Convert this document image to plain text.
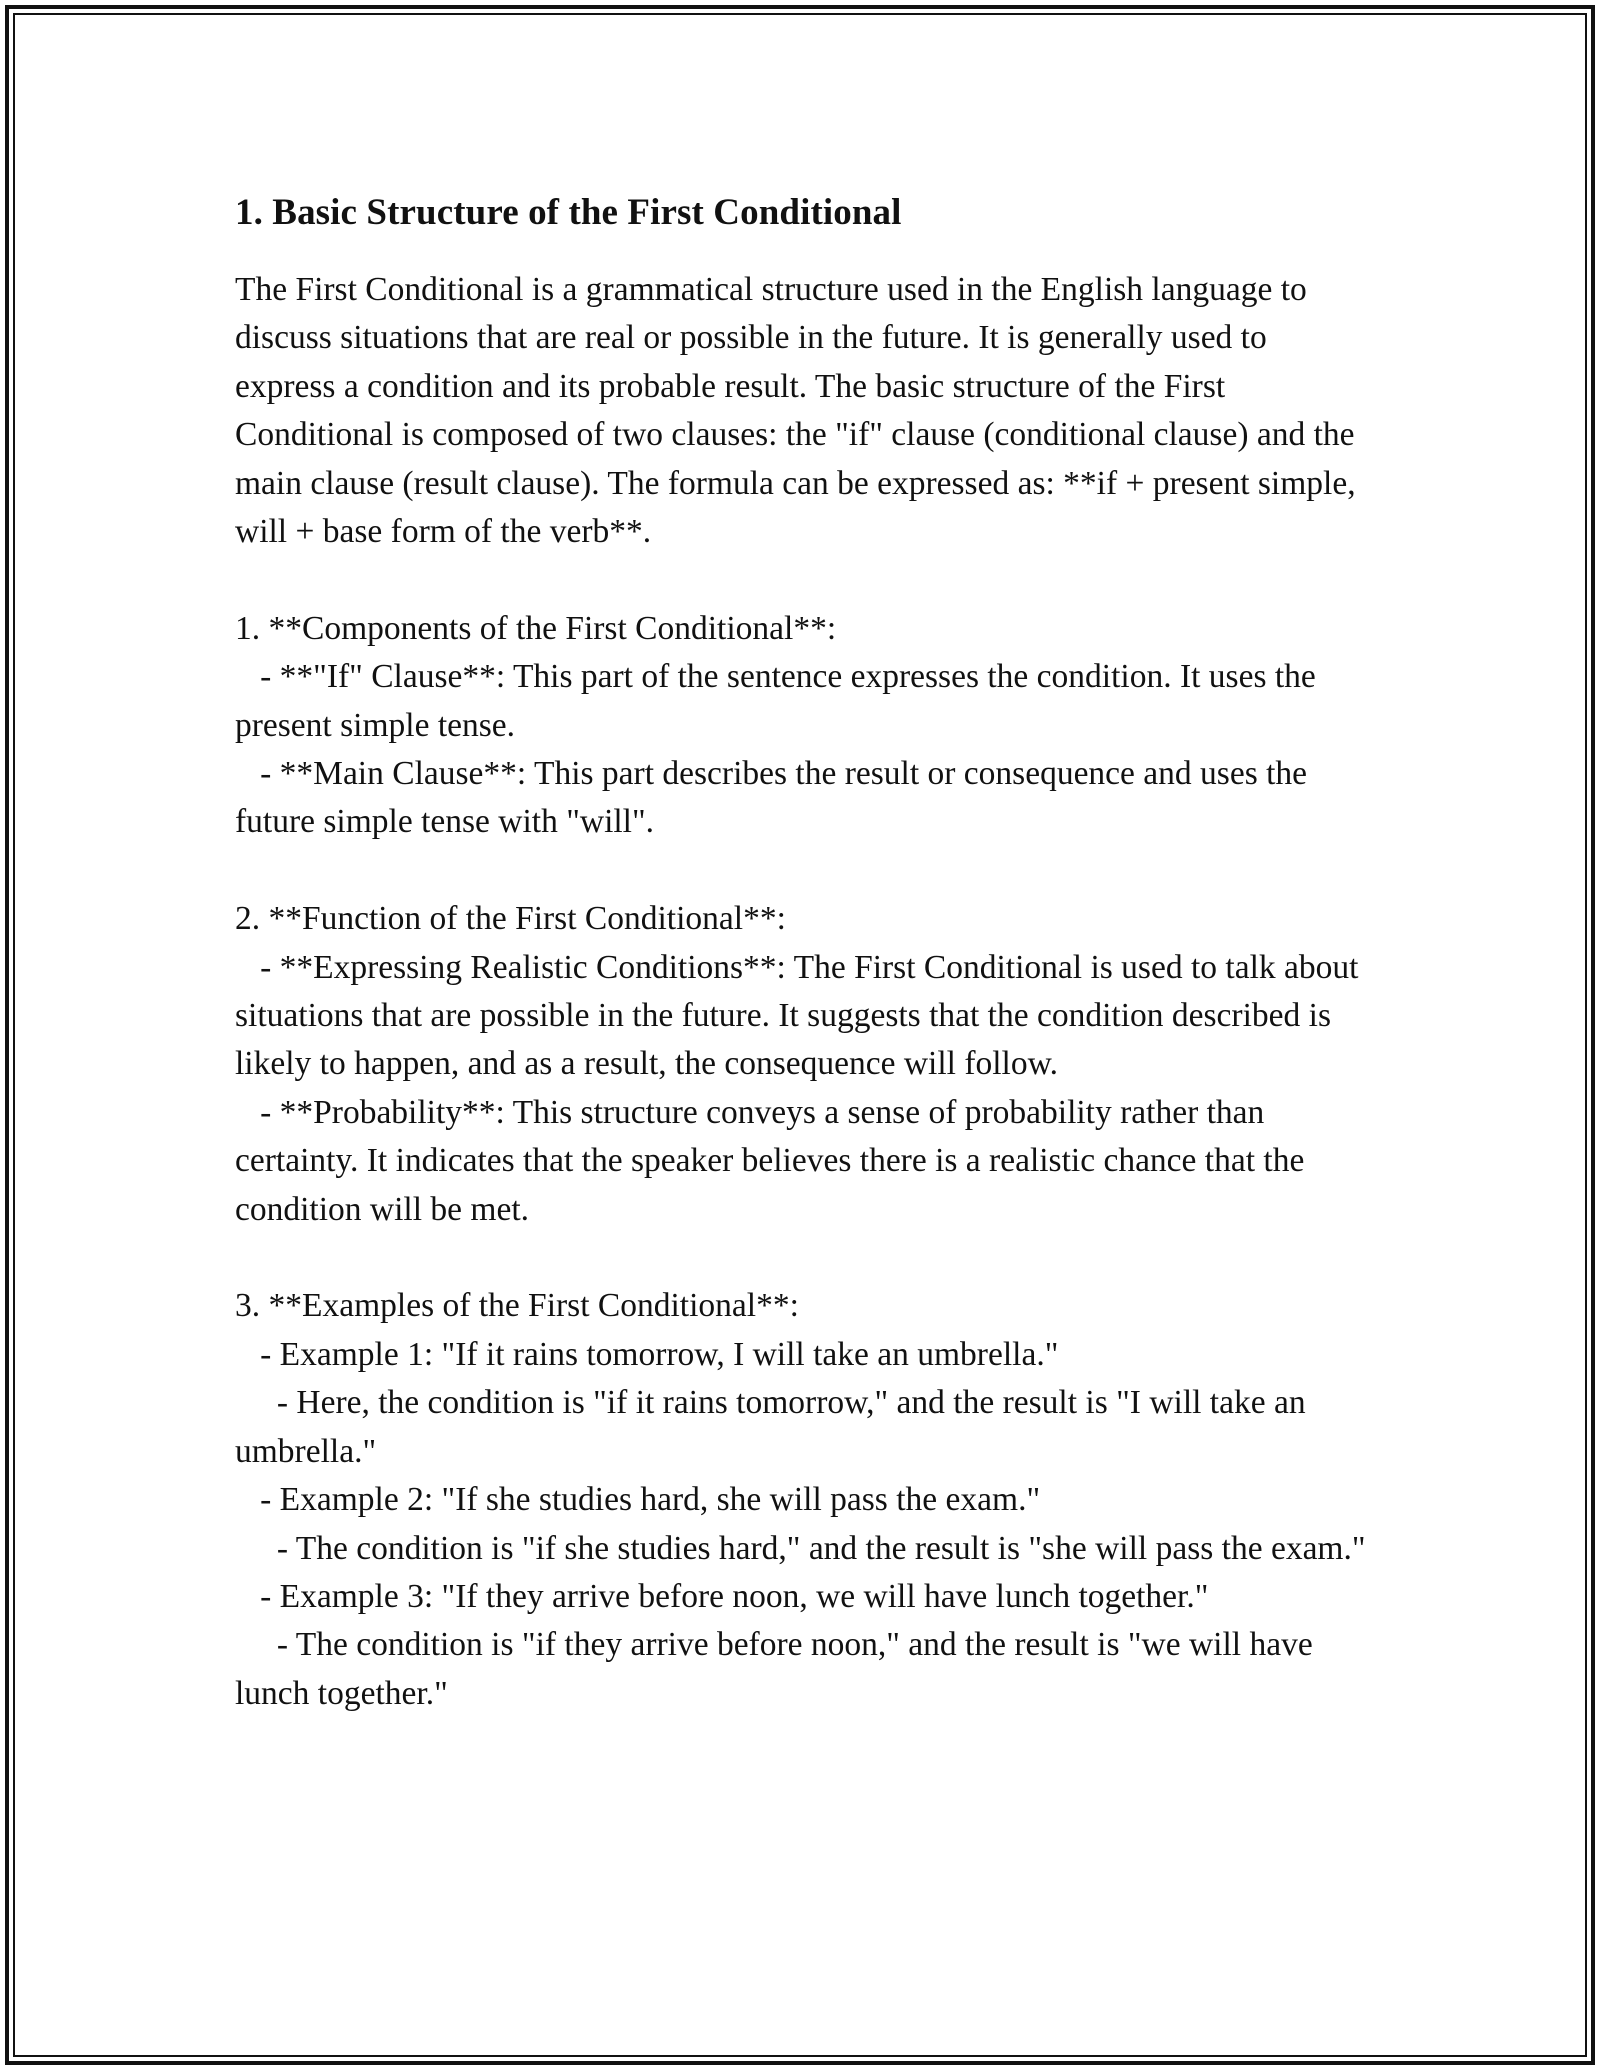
1. Basic Structure of the First Conditional

The First Conditional is a grammatical structure used in the English language to discuss situations that are real or possible in the future. It is generally used to express a condition and its probable result. The basic structure of the First Conditional is composed of two clauses: the "if" clause (conditional clause) and the main clause (result clause). The formula can be expressed as: **if + present simple, will + base form of the verb**.

1. **Components of the First Conditional**:

- **"If" Clause**: This part of the sentence expresses the condition. It uses the present simple tense.

- **Main Clause**: This part describes the result or consequence and uses the future simple tense with "will".

2. **Function of the First Conditional**:

- **Expressing Realistic Conditions**: The First Conditional is used to talk about situations that are possible in the future. It suggests that the condition described is likely to happen, and as a result, the consequence will follow.

- **Probability**: This structure conveys a sense of probability rather than certainty. It indicates that the speaker believes there is a realistic chance that the condition will be met.

3. **Examples of the First Conditional**:

- Example 1: "If it rains tomorrow, I will take an umbrella."

- Here, the condition is "if it rains tomorrow," and the result is "I will take an umbrella."

- Example 2: "If she studies hard, she will pass the exam."

- The condition is "if she studies hard," and the result is "she will pass the exam."

- Example 3: "If they arrive before noon, we will have lunch together."

- The condition is "if they arrive before noon," and the result is "we will have lunch together."
